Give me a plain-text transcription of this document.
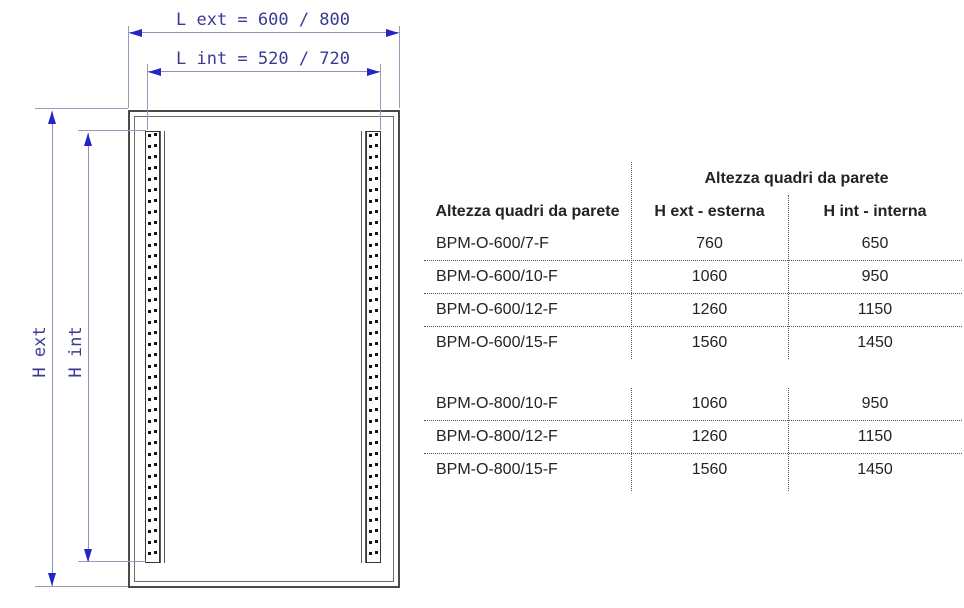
L ext = 600 / 800
L int = 520 / 720
H ext H int
Altezza quadri da parete
Altezza quadri da parete	H ext - esterna	H int - interna
BPM-O-600/7-F	760	650
BPM-O-600/10-F	1060	950
BPM-O-600/12-F	1260	1150
BPM-O-600/15-F	1560	1450
BPM-O-800/10-F	1060	950
BPM-O-800/12-F	1260	1150
BPM-O-800/15-F	1560	1450
